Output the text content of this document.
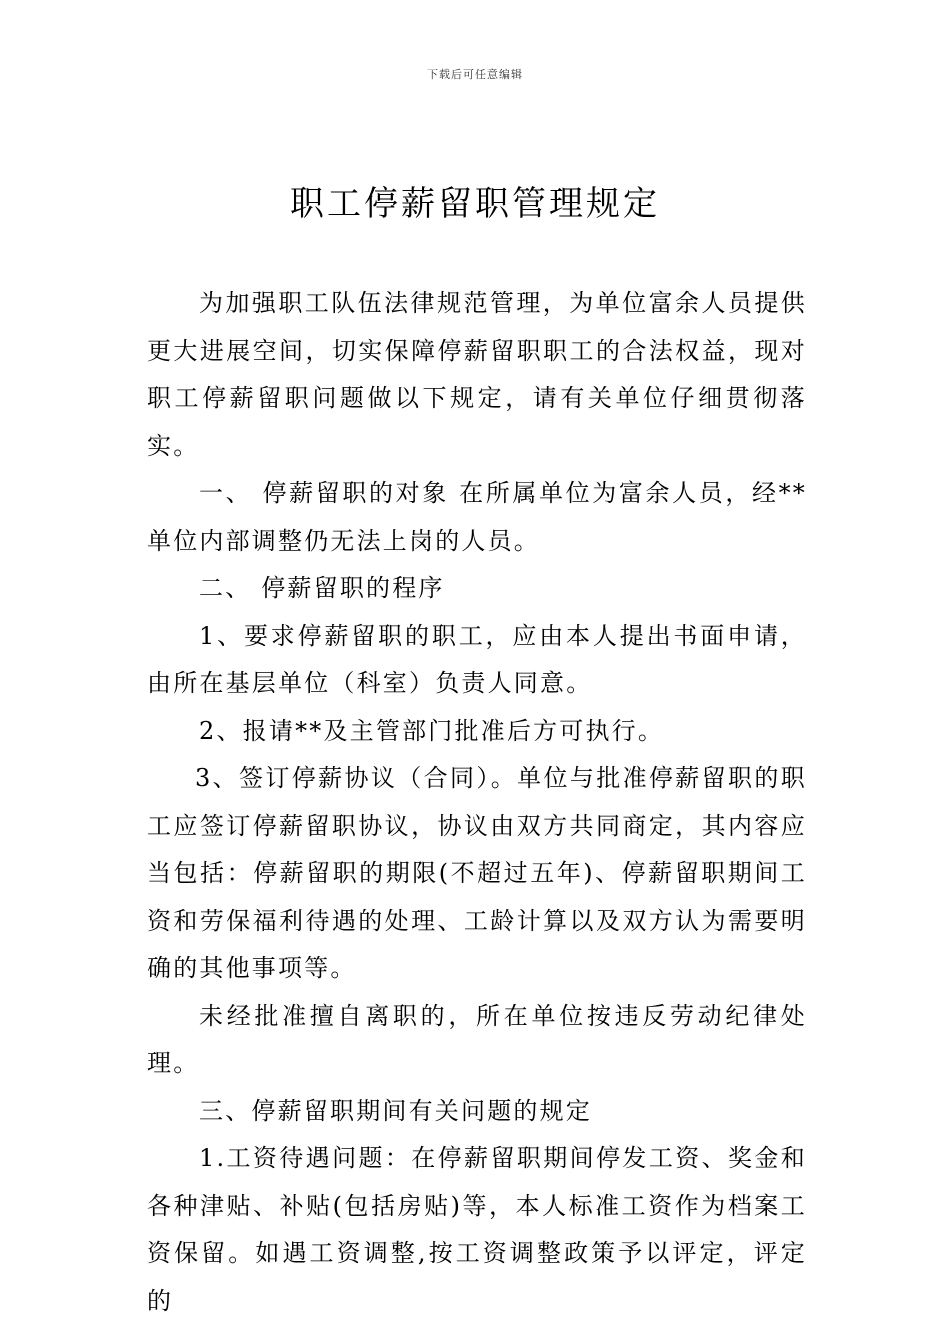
下载后可任意编辑
职工停薪留职管理规定

为加强职工队伍法律规范管理，为单位富余人员提供更大进展空间，切实保障停薪留职职工的合法权益，现对职工停薪留职问题做以下规定，请有关单位仔细贯彻落实。

一、 停薪留职的对象 在所属单位为富余人员，经**单位内部调整仍无法上岗的人员。

二、 停薪留职的程序

1、要求停薪留职的职工，应由本人提出书面申请，由所在基层单位（科室）负责人同意。

2、报请**及主管部门批准后方可执行。

3、签订停薪协议（合同）。单位与批准停薪留职的职工应签订停薪留职协议，协议由双方共同商定，其内容应当包括：停薪留职的期限(不超过五年)、停薪留职期间工资和劳保福利待遇的处理、工龄计算以及双方认为需要明确的其他事项等。

未经批准擅自离职的，所在单位按违反劳动纪律处理。

三、停薪留职期间有关问题的规定

1.工资待遇问题：在停薪留职期间停发工资、奖金和各种津贴、补贴(包括房贴)等，本人标准工资作为档案工资保留。如遇工资调整,按工资调整政策予以评定，评定的
